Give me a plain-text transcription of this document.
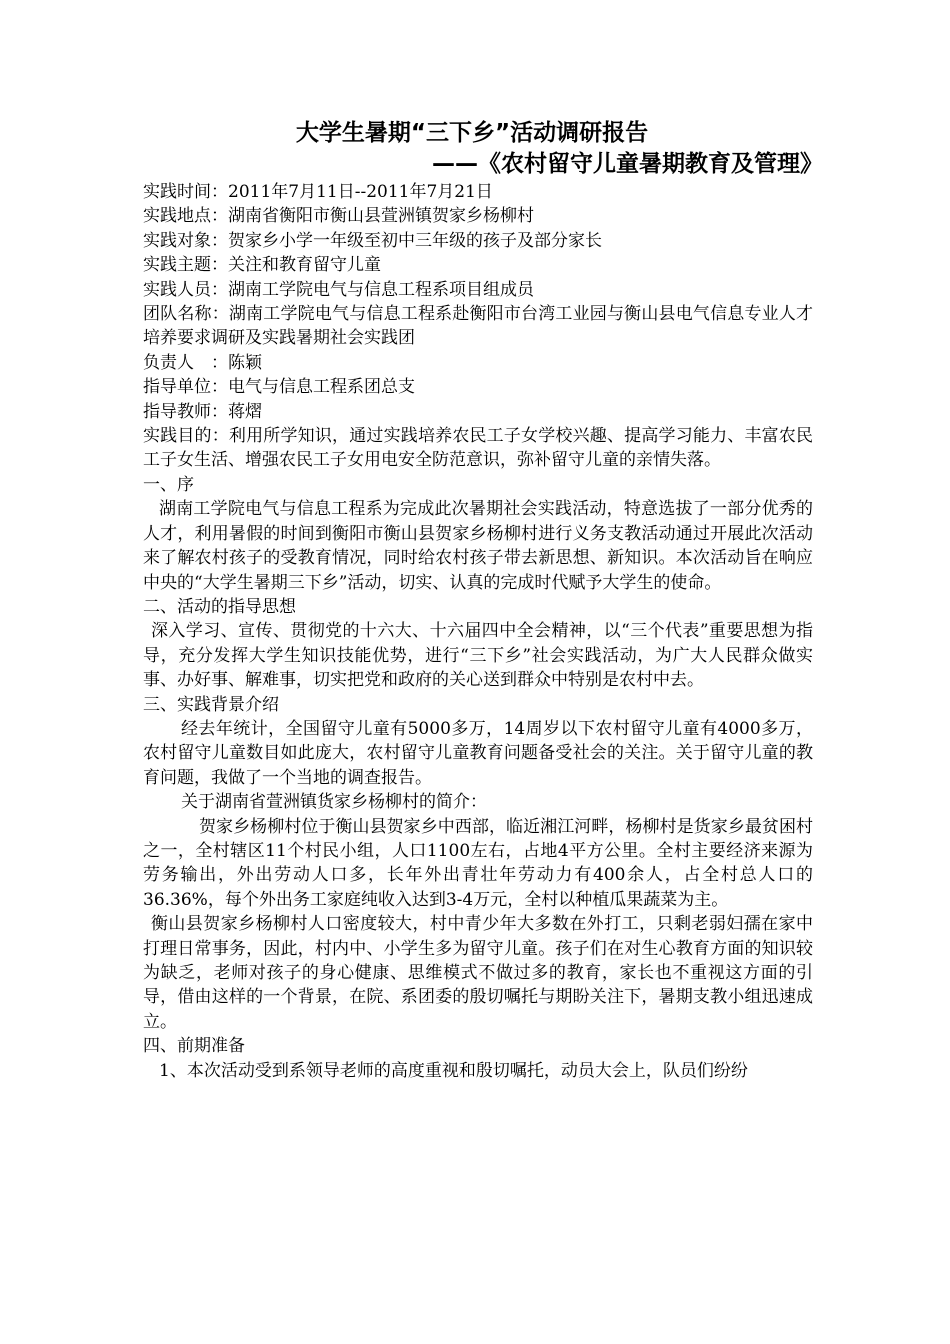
大学生暑期“三下乡”活动调研报告
——《农村留守儿童暑期教育及管理》

实践时间：2011年7月11日--2011年7月21日

实践地点：湖南省衡阳市衡山县萱洲镇贺家乡杨柳村

实践对象：贺家乡小学一年级至初中三年级的孩子及部分家长

实践主题：关注和教育留守儿童

实践人员：湖南工学院电气与信息工程系项目组成员

团队名称：湖南工学院电气与信息工程系赴衡阳市台湾工业园与衡山县电气信息专业人才培养要求调研及实践暑期社会实践团

负责人　：陈颖

指导单位：电气与信息工程系团总支

指导教师：蒋熠

实践目的：利用所学知识，通过实践培养农民工子女学校兴趣、提高学习能力、丰富农民工子女生活、增强农民工子女用电安全防范意识，弥补留守儿童的亲情失落。

一、序

湖南工学院电气与信息工程系为完成此次暑期社会实践活动，特意选拔了一部分优秀的人才，利用暑假的时间到衡阳市衡山县贺家乡杨柳村进行义务支教活动通过开展此次活动来了解农村孩子的受教育情况，同时给农村孩子带去新思想、新知识。本次活动旨在响应中央的“大学生暑期三下乡”活动，切实、认真的完成时代赋予大学生的使命。

二、活动的指导思想

深入学习、宣传、贯彻党的十六大、十六届四中全会精神，以“三个代表”重要思想为指导，充分发挥大学生知识技能优势，进行“三下乡”社会实践活动，为广大人民群众做实事、办好事、解难事，切实把党和政府的关心送到群众中特别是农村中去。

三、实践背景介绍

经去年统计，全国留守儿童有5000多万，14周岁以下农村留守儿童有4000多万，农村留守儿童数目如此庞大，农村留守儿童教育问题备受社会的关注。关于留守儿童的教育问题，我做了一个当地的调查报告。

关于湖南省萱洲镇货家乡杨柳村的简介：

贺家乡杨柳村位于衡山县贺家乡中西部，临近湘江河畔，杨柳村是货家乡最贫困村之一，全村辖区11个村民小组，人口1100左右，占地4平方公里。全村主要经济来源为劳务输出，外出劳动人口多，长年外出青壮年劳动力有400余人，占全村总人口的36.36%，每个外出务工家庭纯收入达到3-4万元，全村以种植瓜果蔬菜为主。

衡山县贺家乡杨柳村人口密度较大，村中青少年大多数在外打工，只剩老弱妇孺在家中打理日常事务，因此，村内中、小学生多为留守儿童。孩子们在对生心教育方面的知识较为缺乏，老师对孩子的身心健康、思维模式不做过多的教育，家长也不重视这方面的引导，借由这样的一个背景，在院、系团委的殷切嘱托与期盼关注下，暑期支教小组迅速成立。

四、前期准备

1、本次活动受到系领导老师的高度重视和殷切嘱托，动员大会上，队员们纷纷
